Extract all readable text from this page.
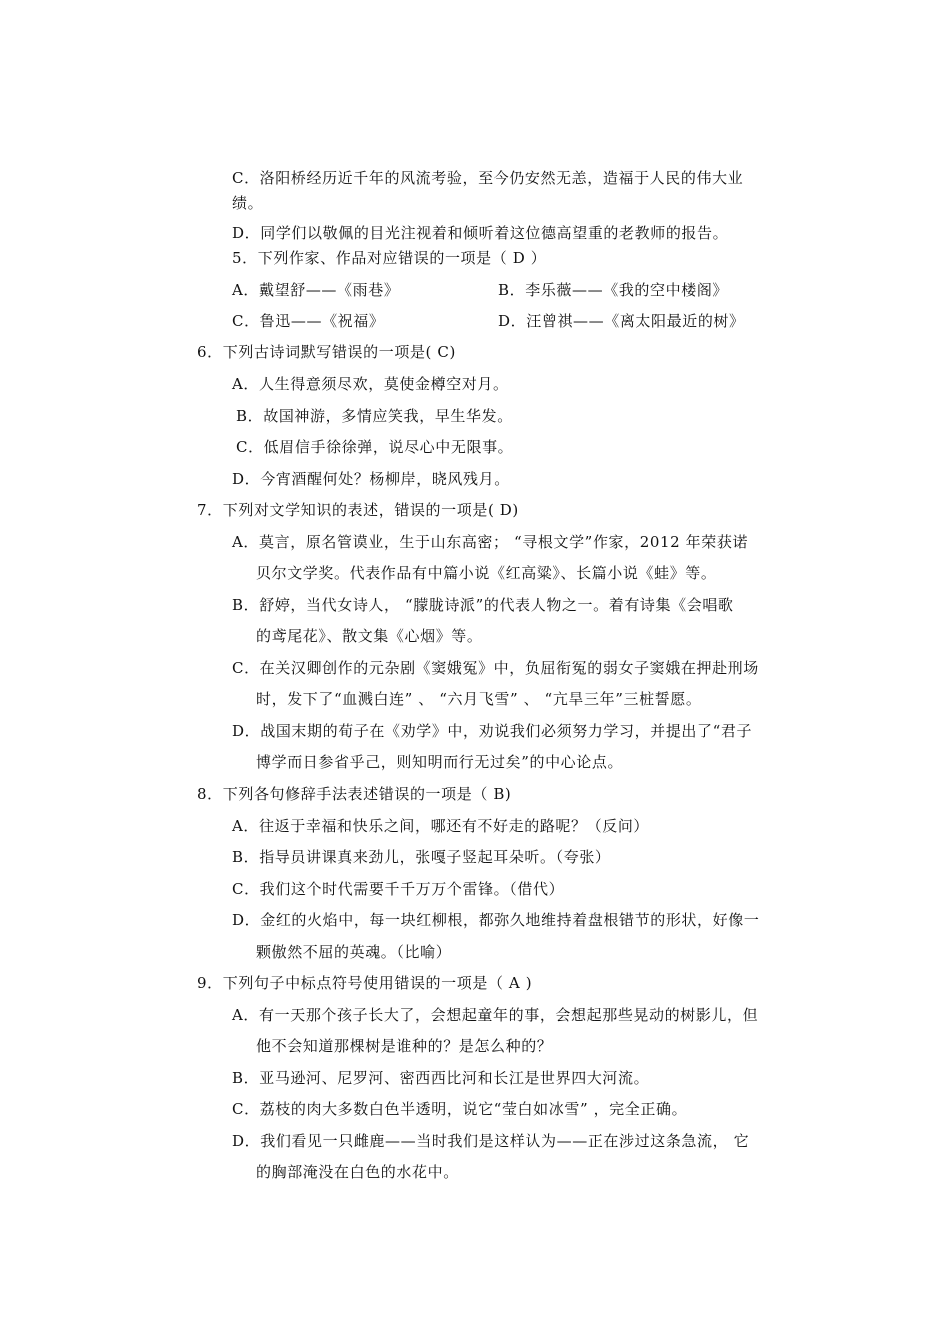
C．洛阳桥经历近千年的风流考验，至今仍安然无恙，造福于人民的伟大业
绩。
D．同学们以敬佩的目光注视着和倾听着这位德高望重的老教师的报告。
5．下列作家、作品对应错误的一项是（ D ）
A．戴望舒——《雨巷》	B．李乐薇——《我的空中楼阁》
C．鲁迅——《祝福》	D．汪曾祺——《离太阳最近的树》
6．下列古诗词默写错误的一项是( C)
A．人生得意须尽欢，莫使金樽空对月。
B．故国神游，多情应笑我，早生华发。
C．低眉信手徐徐弹，说尽心中无限事。
D．今宵酒醒何处？杨柳岸，晓风残月。
7．下列对文学知识的表述，错误的一项是( D)
A．莫言，原名管谟业，生于山东高密； “寻根文学”作家，2012 年荣获诺
贝尔文学奖。代表作品有中篇小说《红高粱》、长篇小说《蛙》等。
B．舒婷，当代女诗人， “朦胧诗派”的代表人物之一。着有诗集《会唱歌
的鸢尾花》、散文集《心烟》等。
C．在关汉卿创作的元杂剧《窦娥冤》中，负屈衔冤的弱女子窦娥在押赴刑场
时，发下了“血溅白连” 、 “六月飞雪” 、 “亢旱三年”三桩誓愿。
D．战国末期的荀子在《劝学》中，劝说我们必须努力学习，并提出了“君子
博学而日参省乎己，则知明而行无过矣”的中心论点。
8．下列各句修辞手法表述错误的一项是（ B)
A．往返于幸福和快乐之间，哪还有不好走的路呢？（反问）
B．指导员讲课真来劲儿，张嘎子竖起耳朵听。（夸张）
C．我们这个时代需要千千万万个雷锋。（借代）
D．金红的火焰中，每一块红柳根，都弥久地维持着盘根错节的形状，好像一
颗傲然不屈的英魂。（比喻）
9．下列句子中标点符号使用错误的一项是（ A )
A．有一天那个孩子长大了，会想起童年的事，会想起那些晃动的树影儿，但
他不会知道那棵树是谁种的？是怎么种的？
B．亚马逊河、尼罗河、密西西比河和长江是世界四大河流。
C．荔枝的肉大多数白色半透明，说它“莹白如冰雪” ，完全正确。
D．我们看见一只雌鹿——当时我们是这样认为——正在涉过这条急流， 它
的胸部淹没在白色的水花中。
